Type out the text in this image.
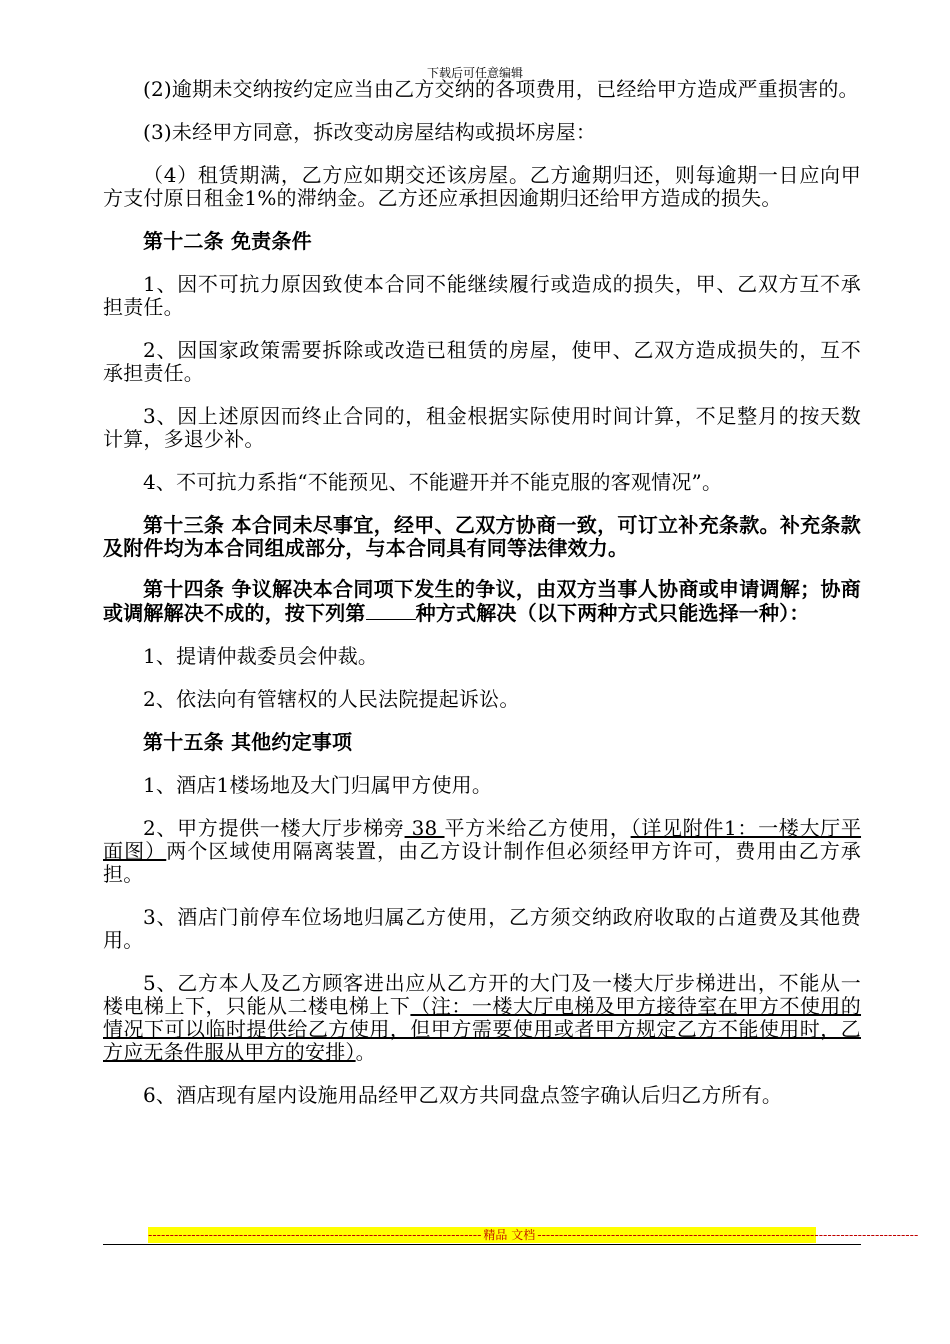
下载后可任意编辑

(2)逾期未交纳按约定应当由乙方交纳的各项费用，已经给甲方造成严重损害的。

(3)未经甲方同意，拆改变动房屋结构或损坏房屋：

（4）租赁期满，乙方应如期交还该房屋。乙方逾期归还，则每逾期一日应向甲方支付原日租金1%的滞纳金。乙方还应承担因逾期归还给甲方造成的损失。

第十二条 免责条件

1、因不可抗力原因致使本合同不能继续履行或造成的损失，甲、乙双方互不承担责任。

2、因国家政策需要拆除或改造已租赁的房屋，使甲、乙双方造成损失的，互不承担责任。

3、因上述原因而终止合同的，租金根据实际使用时间计算，不足整月的按天数计算，多退少补。

4、不可抗力系指“不能预见、不能避开并不能克服的客观情况”。

第十三条 本合同未尽事宜，经甲、乙双方协商一致，可订立补充条款。补充条款及附件均为本合同组成部分，与本合同具有同等法律效力。

第十四条 争议解决本合同项下发生的争议，由双方当事人协商或申请调解；协商或调解解决不成的，按下列第	种方式解决（以下两种方式只能选择一种）：

1、提请仲裁委员会仲裁。

2、依法向有管辖权的人民法院提起诉讼。

第十五条 其他约定事项

1、酒店1楼场地及大门归属甲方使用。

2、甲方提供一楼大厅步梯旁 38 平方米给乙方使用，（详见附件1：一楼大厅平面图）两个区域使用隔离装置，由乙方设计制作但必须经甲方许可，费用由乙方承担。

3、酒店门前停车位场地归属乙方使用，乙方须交纳政府收取的占道费及其他费用。

5、乙方本人及乙方顾客进出应从乙方开的大门及一楼大厅步梯进出，不能从一楼电梯上下，只能从二楼电梯上下（注：一楼大厅电梯及甲方接待室在甲方不使用的情况下可以临时提供给乙方使用，但甲方需要使用或者甲方规定乙方不能使用时，乙方应无条件服从甲方的安排）。

6、酒店现有屋内设施用品经甲乙双方共同盘点签字确认后归乙方所有。

----------------------------------------------------------------------------- 精品 文档 ----------------------------------------------------------------------------------------
